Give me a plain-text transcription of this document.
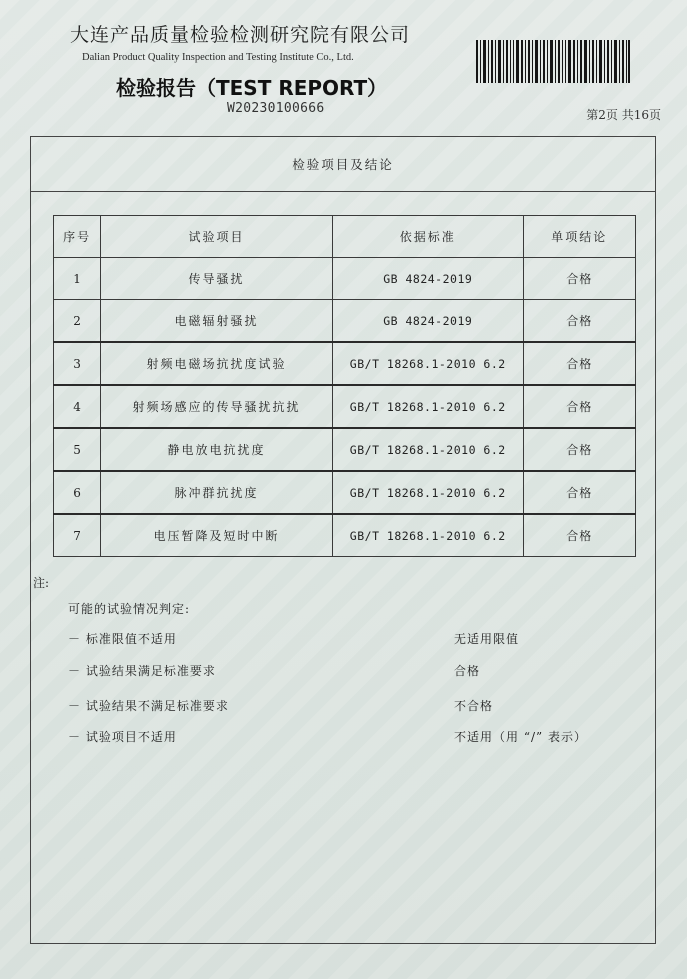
大连产品质量检验检测研究院有限公司
Dalian Product Quality Inspection and Testing Institute Co., Ltd.
检验报告（TEST REPORT）
W20230100666	第2页 共16页
检验项目及结论
序号	试验项目	依据标准	单项结论
1	传导骚扰	GB 4824-2019	合格
2	电磁辐射骚扰	GB 4824-2019	合格
3	射频电磁场抗扰度试验	GB/T 18268.1-2010 6.2	合格
4	射频场感应的传导骚扰抗扰	GB/T 18268.1-2010 6.2	合格
5	静电放电抗扰度	GB/T 18268.1-2010 6.2	合格
6	脉冲群抗扰度	GB/T 18268.1-2010 6.2	合格
7	电压暂降及短时中断	GB/T 18268.1-2010 6.2	合格
注:
可能的试验情况判定:
－ 标准限值不适用	无适用限值
－ 试验结果满足标准要求	合格
－ 试验结果不满足标准要求	不合格
－ 试验项目不适用	不适用（用 “/” 表示）
